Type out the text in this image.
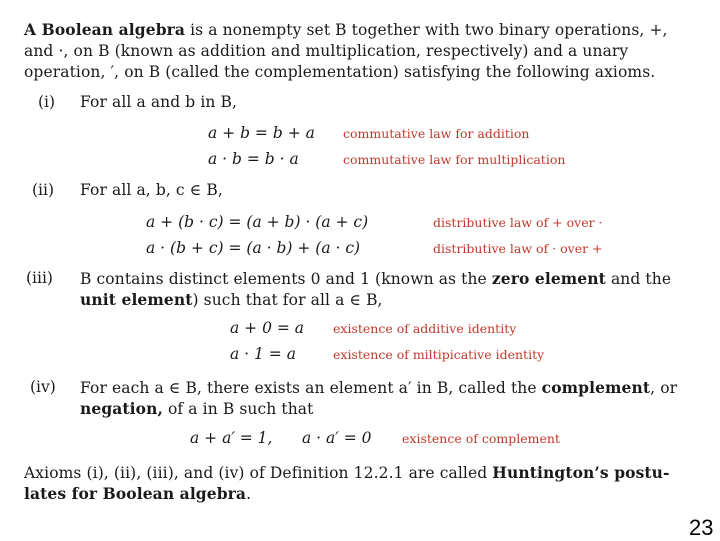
A Boolean algebra is a nonempty set B together with two binary operations, +,
and ·, on B (known as addition and multiplication, respectively) and a unary
operation, ′, on B (called the complementation) satisfying the following axioms.
(i) For all a and b in B,
a + b = b + a commutative law for addition
a · b = b · a	commutative law for multiplication
(ii) For all a, b, c ∈ B,
a + (b · c) = (a + b) · (a + c)	distributive law of + over ·
a · (b + c) = (a · b) + (a · c)	distributive law of · over +
(iii) B contains distinct elements 0 and 1 (known as the zero element and the
unit element) such that for all a ∈ B,
a + 0 = a existence of additive identity
a · 1 = a	existence of miltipicative identity
(iv) For each a ∈ B, there exists an element a′ in B, called the complement, or
negation, of a in B such that
a + a′ = 1, a · a′ = 0 existence of complement
Axioms (i), (ii), (iii), and (iv) of Definition 12.2.1 are called Huntington’s postu-
lates for Boolean algebra.
23
